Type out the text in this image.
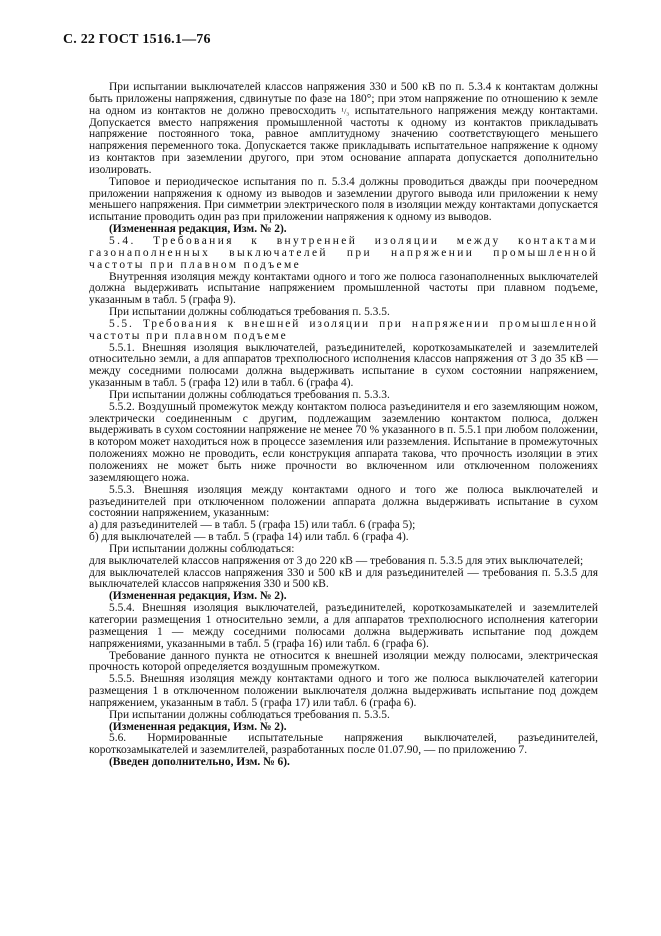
С. 22 ГОСТ 1516.1—76

При испытании выключателей классов напряжения 330 и 500 кВ по п. 5.3.4 к контактам должны быть приложены напряжения, сдвинутые по фазе на 180°; при этом напряжение по отношению к земле на одном из контактов не должно превосходить ¹/₃ испытательного напряжения между контактами. Допускается вместо напряжения промышленной частоты к одному из контактов прикладывать напряжение постоянного тока, равное амплитудному значению соответствующего меньшего напряжения переменного тока. Допускается также прикладывать испытательное напряжение к одному из контактов при заземлении другого, при этом основание аппарата допускается дополнительно изолировать.

Типовое и периодическое испытания по п. 5.3.4 должны проводиться дважды при поочередном приложении напряжения к одному из выводов и заземлении другого вывода или приложении к нему меньшего напряжения. При симметрии электрического поля в изоляции между контактами допускается испытание проводить один раз при приложении напряжения к одному из выводов.

(Измененная редакция, Изм. № 2).

5.4. Требования к внутренней изоляции между контактами газонаполненных выключателей при напряжении промышленной частоты при плавном подъеме

Внутренняя изоляция между контактами одного и того же полюса газонаполненных выключателей должна выдерживать испытание напряжением промышленной частоты при плавном подъеме, указанным в табл. 5 (графа 9).

При испытании должны соблюдаться требования п. 5.3.5.

5.5. Требования к внешней изоляции при напряжении промышленной частоты при плавном подъеме

5.5.1. Внешняя изоляция выключателей, разъединителей, короткозамыкателей и заземлителей относительно земли, а для аппаратов трехполюсного исполнения классов напряжения от 3 до 35 кВ — между соседними полюсами должна выдерживать испытание в сухом состоянии напряжением, указанным в табл. 5 (графа 12) или в табл. 6 (графа 4).

При испытании должны соблюдаться требования п. 5.3.3.

5.5.2. Воздушный промежуток между контактом полюса разъединителя и его заземляющим ножом, электрически соединенным с другим, подлежащим заземлению контактом полюса, должен выдерживать в сухом состоянии напряжение не менее 70 % указанного в п. 5.5.1 при любом положении, в котором может находиться нож в процессе заземления или разземления. Испытание в промежуточных положениях можно не проводить, если конструкция аппарата такова, что прочность изоляции в этих положениях не может быть ниже прочности во включенном или отключенном положениях заземляющего ножа.

5.5.3. Внешняя изоляция между контактами одного и того же полюса выключателей и разъединителей при отключенном положении аппарата должна выдерживать испытание в сухом состоянии напряжением, указанным:

а) для разъединителей — в табл. 5 (графа 15) или табл. 6 (графа 5);

б) для выключателей — в табл. 5 (графа 14) или табл. 6 (графа 4).

При испытании должны соблюдаться:

для выключателей классов напряжения от 3 до 220 кВ — требования п. 5.3.5 для этих выключателей;

для выключателей классов напряжения 330 и 500 кВ и для разъединителей — требования п. 5.3.5 для выключателей классов напряжения 330 и 500 кВ.

(Измененная редакция, Изм. № 2).

5.5.4. Внешняя изоляция выключателей, разъединителей, короткозамыкателей и заземлителей категории размещения 1 относительно земли, а для аппаратов трехполюсного исполнения категории размещения 1 — между соседними полюсами должна выдерживать испытание под дождем напряжениями, указанными в табл. 5 (графа 16) или табл. 6 (графа 6).

Требование данного пункта не относится к внешней изоляции между полюсами, электрическая прочность которой определяется воздушным промежутком.

5.5.5. Внешняя изоляция между контактами одного и того же полюса выключателей категории размещения 1 в отключенном положении выключателя должна выдерживать испытание под дождем напряжением, указанным в табл. 5 (графа 17) или табл. 6 (графа 6).

При испытании должны соблюдаться требования п. 5.3.5.

(Измененная редакция, Изм. № 2).

5.6. Нормированные испытательные напряжения выключателей, разъединителей, короткозамыкателей и заземлителей, разработанных после 01.07.90, — по приложению 7.

(Введен дополнительно, Изм. № 6).
